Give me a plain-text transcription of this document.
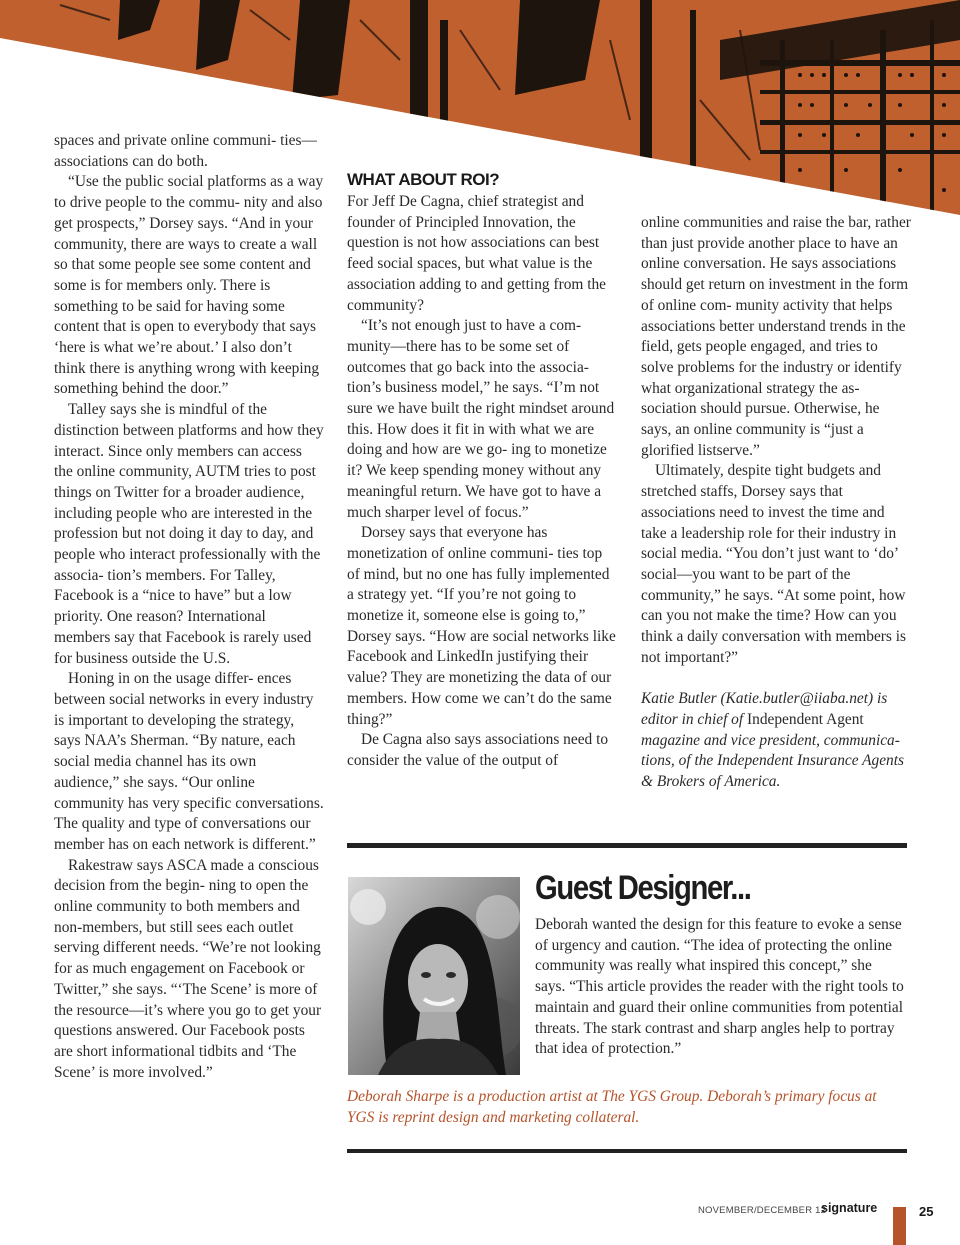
spaces and private online communi- ties—associations can do both.

“Use the public social platforms as a way to drive people to the commu- nity and also get prospects,” Dorsey says. “And in your community, there are ways to create a wall so that some people see some content and some is for members only. There is something to be said for having some content that is open to everybody that says ‘here is what we’re about.’ I also don’t think there is anything wrong with keeping something behind the door.”

Talley says she is mindful of the distinction between platforms and how they interact. Since only members can access the online community, AUTM tries to post things on Twitter for a broader audience, including people who are interested in the profession but not doing it day to day, and people who interact professionally with the associa- tion’s members. For Talley, Facebook is a “nice to have” but a low priority. One reason? International members say that Facebook is rarely used for business outside the U.S.

Honing in on the usage differ- ences between social networks in every industry is important to developing the strategy, says NAA’s Sherman. “By nature, each social media channel has its own audience,” she says. “Our online community has very specific conversations. The quality and type of conversations our member has on each network is different.”

Rakestraw says ASCA made a conscious decision from the begin- ning to open the online community to both members and non-members, but still sees each outlet serving different needs. “We’re not looking for as much engagement on Facebook or Twitter,” she says. “‘The Scene’ is more of the resource—it’s where you go to get your questions answered. Our Facebook posts are short informational tidbits and ‘The Scene’ is more involved.”

WHAT ABOUT ROI?

For Jeff De Cagna, chief strategist and founder of Principled Innovation, the question is not how associations can best feed social spaces, but what value is the association adding to and getting from the community?

“It’s not enough just to have a com- munity—there has to be some set of outcomes that go back into the associa- tion’s business model,” he says. “I’m not sure we have built the right mindset around this. How does it fit in with what we are doing and how are we go- ing to monetize it? We keep spending money without any meaningful return. We have got to have a much sharper level of focus.”

Dorsey says that everyone has monetization of online communi- ties top of mind, but no one has fully implemented a strategy yet. “If you’re not going to monetize it, someone else is going to,” Dorsey says. “How are social networks like Facebook and LinkedIn justifying their value? They are monetizing the data of our members. How come we can’t do the same thing?”

De Cagna also says associations need to consider the value of the output of

online communities and raise the bar, rather than just provide another place to have an online conversation. He says associations should get return on investment in the form of online com- munity activity that helps associations better understand trends in the field, gets people engaged, and tries to solve problems for the industry or identify what organizational strategy the as- sociation should pursue. Otherwise, he says, an online community is “just a glorified listserve.”

Ultimately, despite tight budgets and stretched staffs, Dorsey says that associations need to invest the time and take a leadership role for their industry in social media. “You don’t just want to ‘do’ social—you want to be part of the community,” he says. “At some point, how can you not make the time? How can you think a daily conversation with members is not important?”

Katie Butler (Katie.butler@iiaba.net) is editor in chief of Independent Agent magazine and vice president, communica- tions, of the Independent Insurance Agents & Brokers of America.

Guest Designer...

Deborah wanted the design for this feature to evoke a sense of urgency and caution. “The idea of protecting the online community was really what inspired this concept,” she says. “This article provides the reader with the right tools to maintain and guard their online communities from potential threats. The stark contrast and sharp angles help to portray that idea of protection.”

Deborah Sharpe is a production artist at The YGS Group. Deborah’s primary focus at YGS is reprint design and marketing collateral.

NOVEMBER/DECEMBER 12
signature	25
